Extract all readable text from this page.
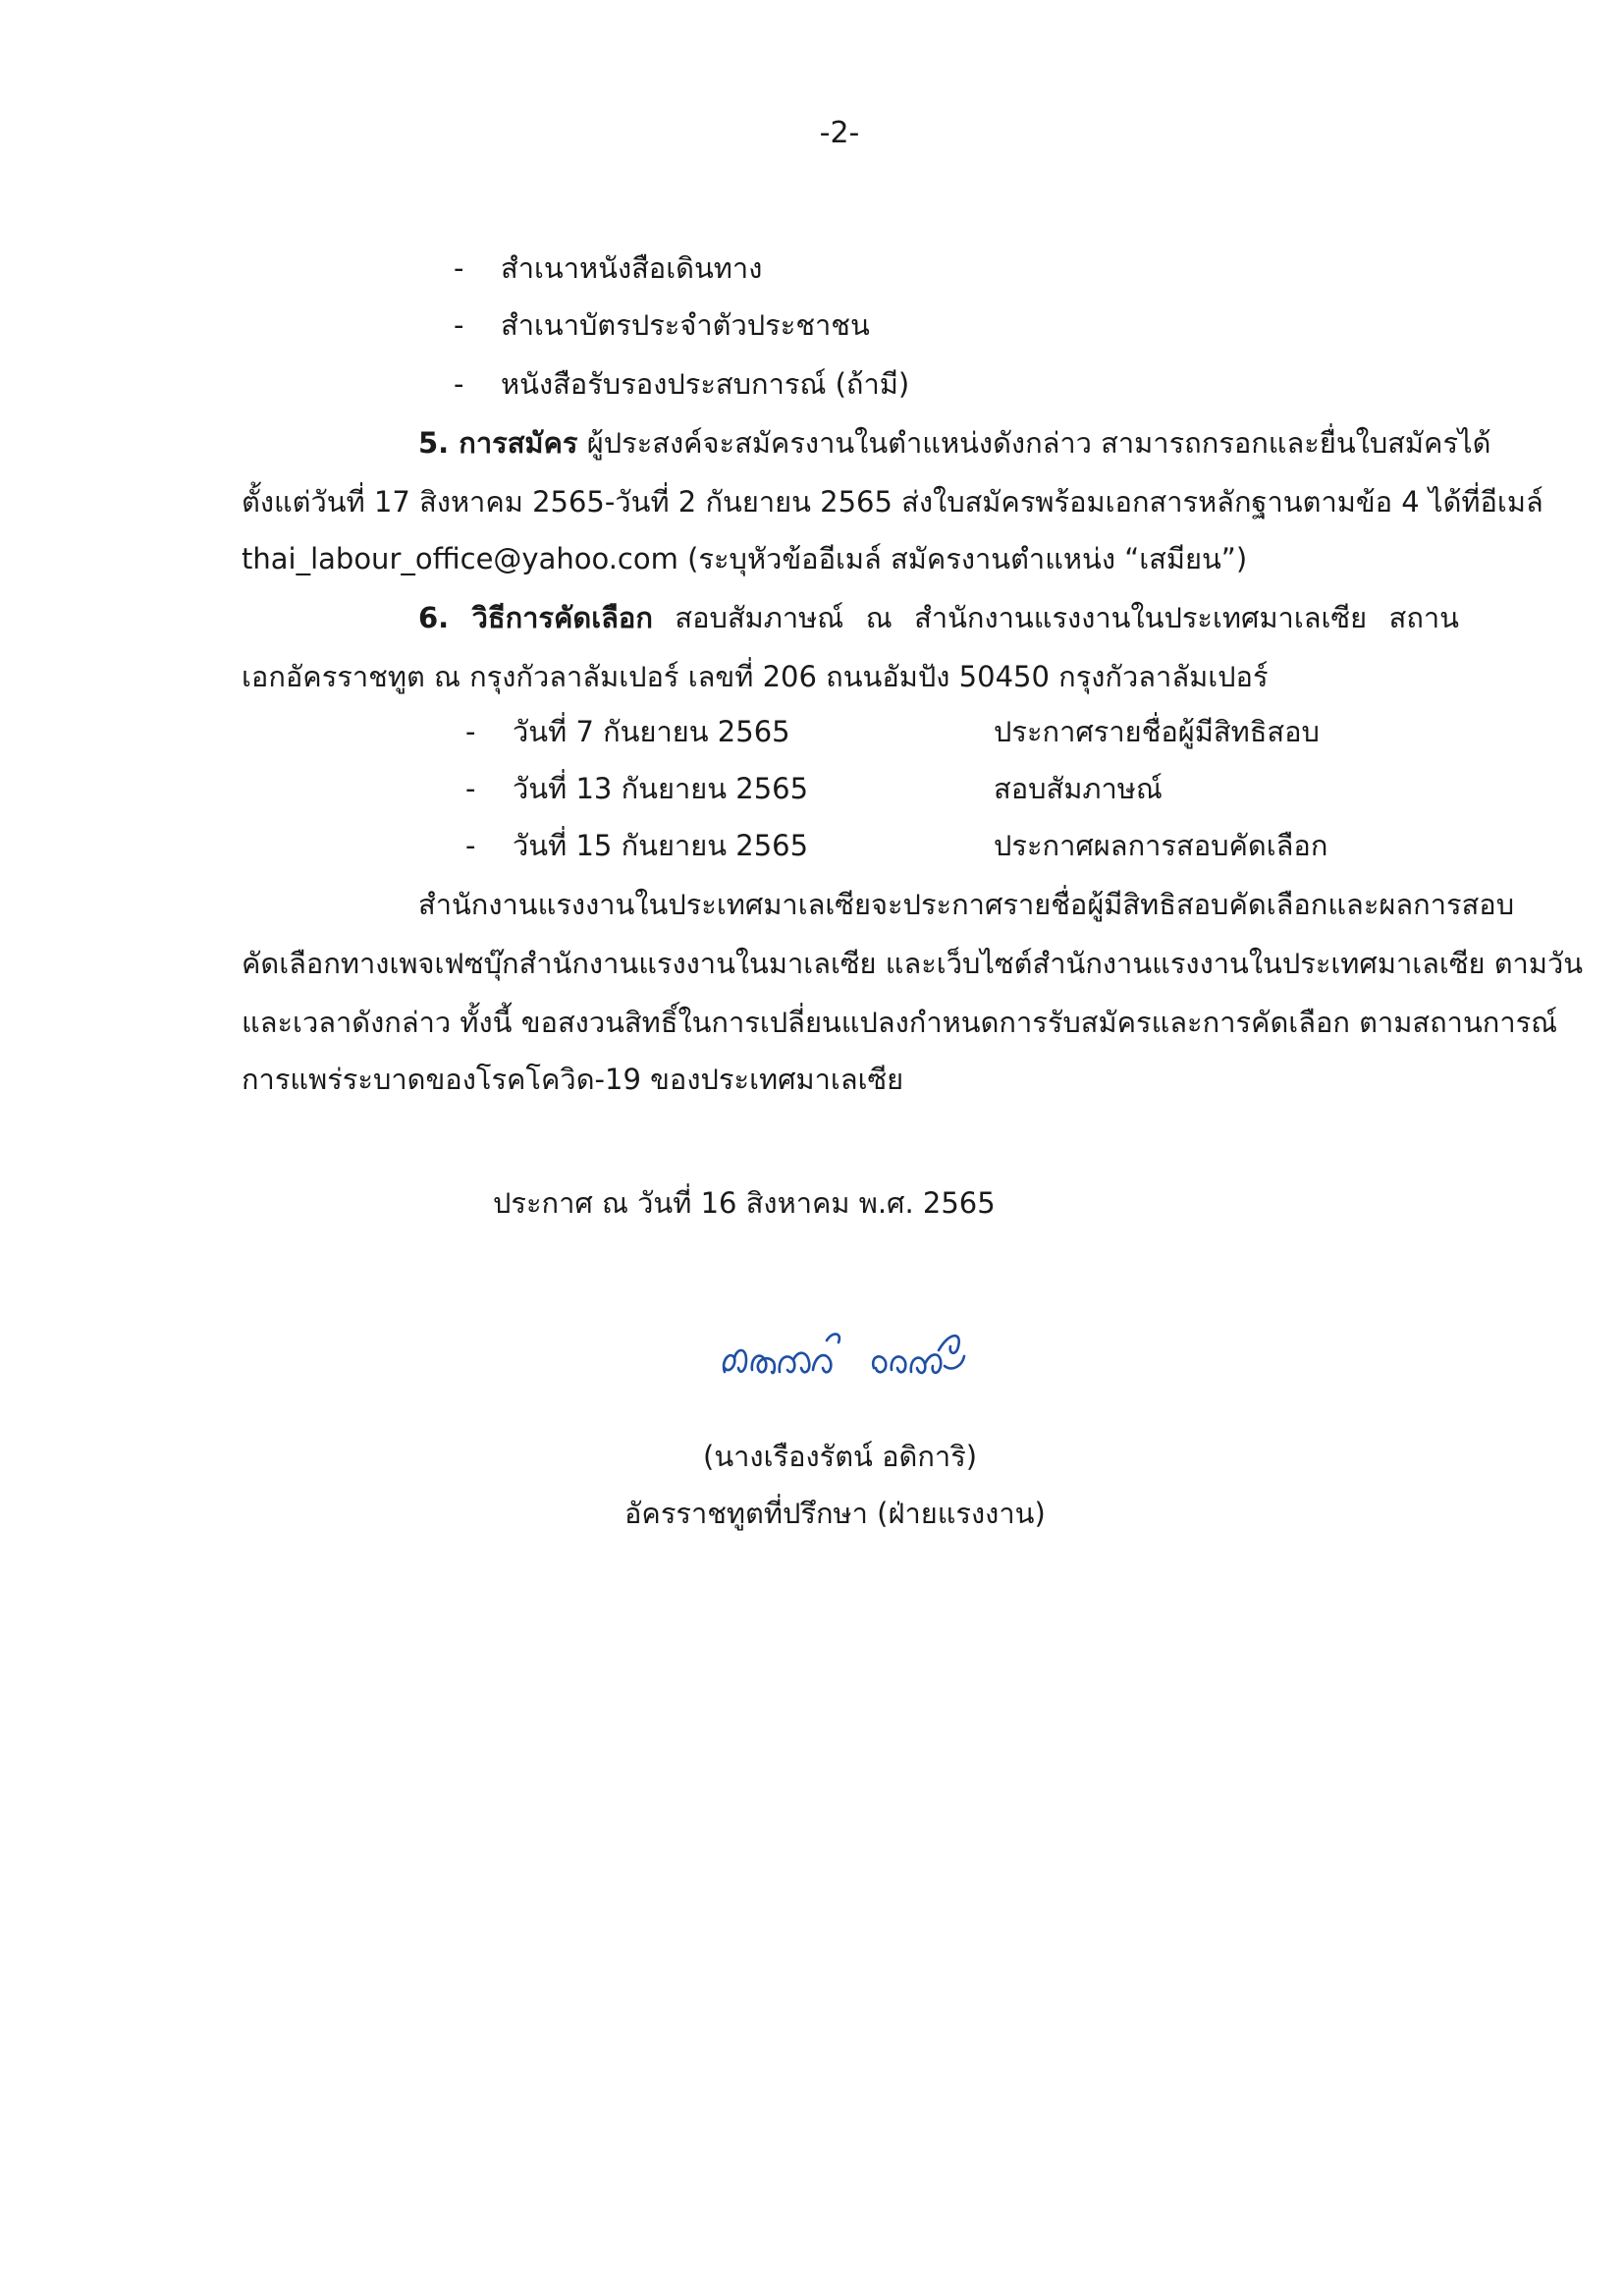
-2-
- สำเนาหนังสือเดินทาง
- สำเนาบัตรประจำตัวประชาชน
- หนังสือรับรองประสบการณ์ (ถ้ามี)
5. การสมัคร ผู้ประสงค์จะสมัครงานในตำแหน่งดังกล่าว สามารถกรอกและยื่นใบสมัครได้
ตั้งแต่วันที่ 17 สิงหาคม 2565-วันที่ 2 กันยายน 2565 ส่งใบสมัครพร้อมเอกสารหลักฐานตามข้อ 4 ได้ที่อีเมล์
thai_labour_office@yahoo.com (ระบุหัวข้ออีเมล์ สมัครงานตำแหน่ง “เสมียน”)
6. วิธีการคัดเลือก สอบสัมภาษณ์ ณ สำนักงานแรงงานในประเทศมาเลเซีย สถาน
เอกอัครราชทูต ณ กรุงกัวลาลัมเปอร์ เลขที่ 206 ถนนอัมปัง 50450 กรุงกัวลาลัมเปอร์
- วันที่ 7 กันยายน 2565	ประกาศรายชื่อผู้มีสิทธิสอบ
- วันที่ 13 กันยายน 2565	สอบสัมภาษณ์
- วันที่ 15 กันยายน 2565	ประกาศผลการสอบคัดเลือก
สำนักงานแรงงานในประเทศมาเลเซียจะประกาศรายชื่อผู้มีสิทธิสอบคัดเลือกและผลการสอบ
คัดเลือกทางเพจเฟซบุ๊กสำนักงานแรงงานในมาเลเซีย และเว็บไซต์สำนักงานแรงงานในประเทศมาเลเซีย ตามวัน
และเวลาดังกล่าว ทั้งนี้ ขอสงวนสิทธิ์ในการเปลี่ยนแปลงกำหนดการรับสมัครและการคัดเลือก ตามสถานการณ์
การแพร่ระบาดของโรคโควิด-19 ของประเทศมาเลเซีย
ประกาศ ณ วันที่ 16 สิงหาคม พ.ศ. 2565
(นางเรืองรัตน์ อดิการิ)
อัครราชทูตที่ปรึกษา (ฝ่ายแรงงาน)
